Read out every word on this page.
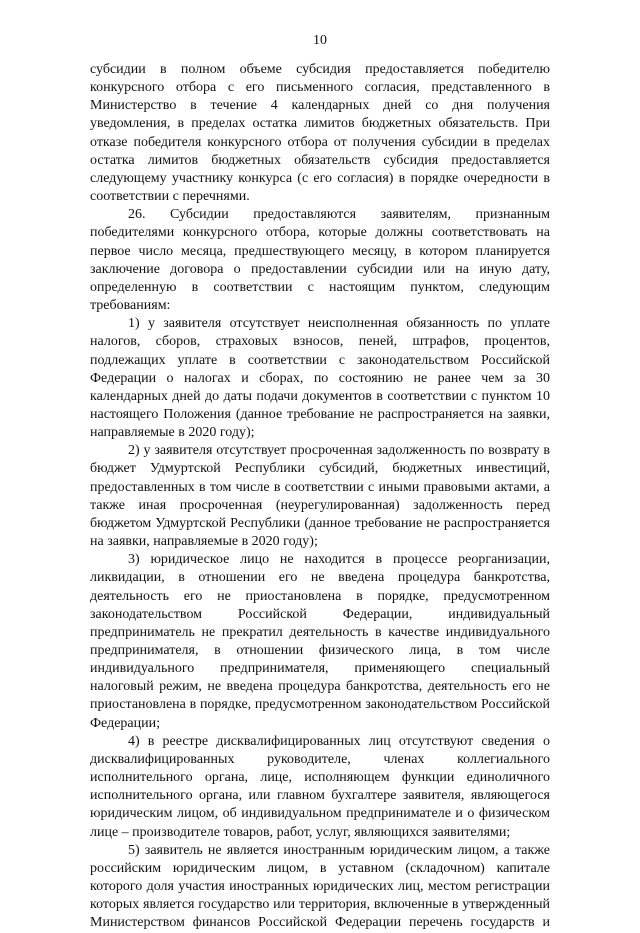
10

субсидии в полном объеме субсидия предоставляется победителю конкурсного отбора с его письменного согласия, представленного в Министерство в течение 4 календарных дней со дня получения уведомления, в пределах остатка лимитов бюджетных обязательств. При отказе победителя конкурсного отбора от получения субсидии в пределах остатка лимитов бюджетных обязательств субсидия предоставляется следующему участнику конкурса (с его согласия) в порядке очередности в соответствии с перечнями.

26. Субсидии предоставляются заявителям, признанным победителями конкурсного отбора, которые должны соответствовать на первое число месяца, предшествующего месяцу, в котором планируется заключение договора о предоставлении субсидии или на иную дату, определенную в соответствии с настоящим пунктом, следующим требованиям:

1) у заявителя отсутствует неисполненная обязанность по уплате налогов, сборов, страховых взносов, пеней, штрафов, процентов, подлежащих уплате в соответствии с законодательством Российской Федерации о налогах и сборах, по состоянию не ранее чем за 30 календарных дней до даты подачи документов в соответствии с пунктом 10 настоящего Положения (данное требование не распространяется на заявки, направляемые в 2020 году);

2) у заявителя отсутствует просроченная задолженность по возврату в бюджет Удмуртской Республики субсидий, бюджетных инвестиций, предоставленных в том числе в соответствии с иными правовыми актами, а также иная просроченная (неурегулированная) задолженность перед бюджетом Удмуртской Республики (данное требование не распространяется на заявки, направляемые в 2020 году);

3) юридическое лицо не находится в процессе реорганизации, ликвидации, в отношении его не введена процедура банкротства, деятельность его не приостановлена в порядке, предусмотренном законодательством Российской Федерации, индивидуальный предприниматель не прекратил деятельность в качестве индивидуального предпринимателя, в отношении физического лица, в том числе индивидуального предпринимателя, применяющего специальный налоговый режим, не введена процедура банкротства, деятельность его не приостановлена в порядке, предусмотренном законодательством Российской Федерации;

4) в реестре дисквалифицированных лиц отсутствуют сведения о дисквалифицированных руководителе, членах коллегиального исполнительного органа, лице, исполняющем функции единоличного исполнительного органа, или главном бухгалтере заявителя, являющегося юридическим лицом, об индивидуальном предпринимателе и о физическом лице – производителе товаров, работ, услуг, являющихся заявителями;

5) заявитель не является иностранным юридическим лицом, а также российским юридическим лицом, в уставном (складочном) капитале которого доля участия иностранных юридических лиц, местом регистрации которых является государство или территория, включенные в утвержденный Министерством финансов Российской Федерации перечень государств и
